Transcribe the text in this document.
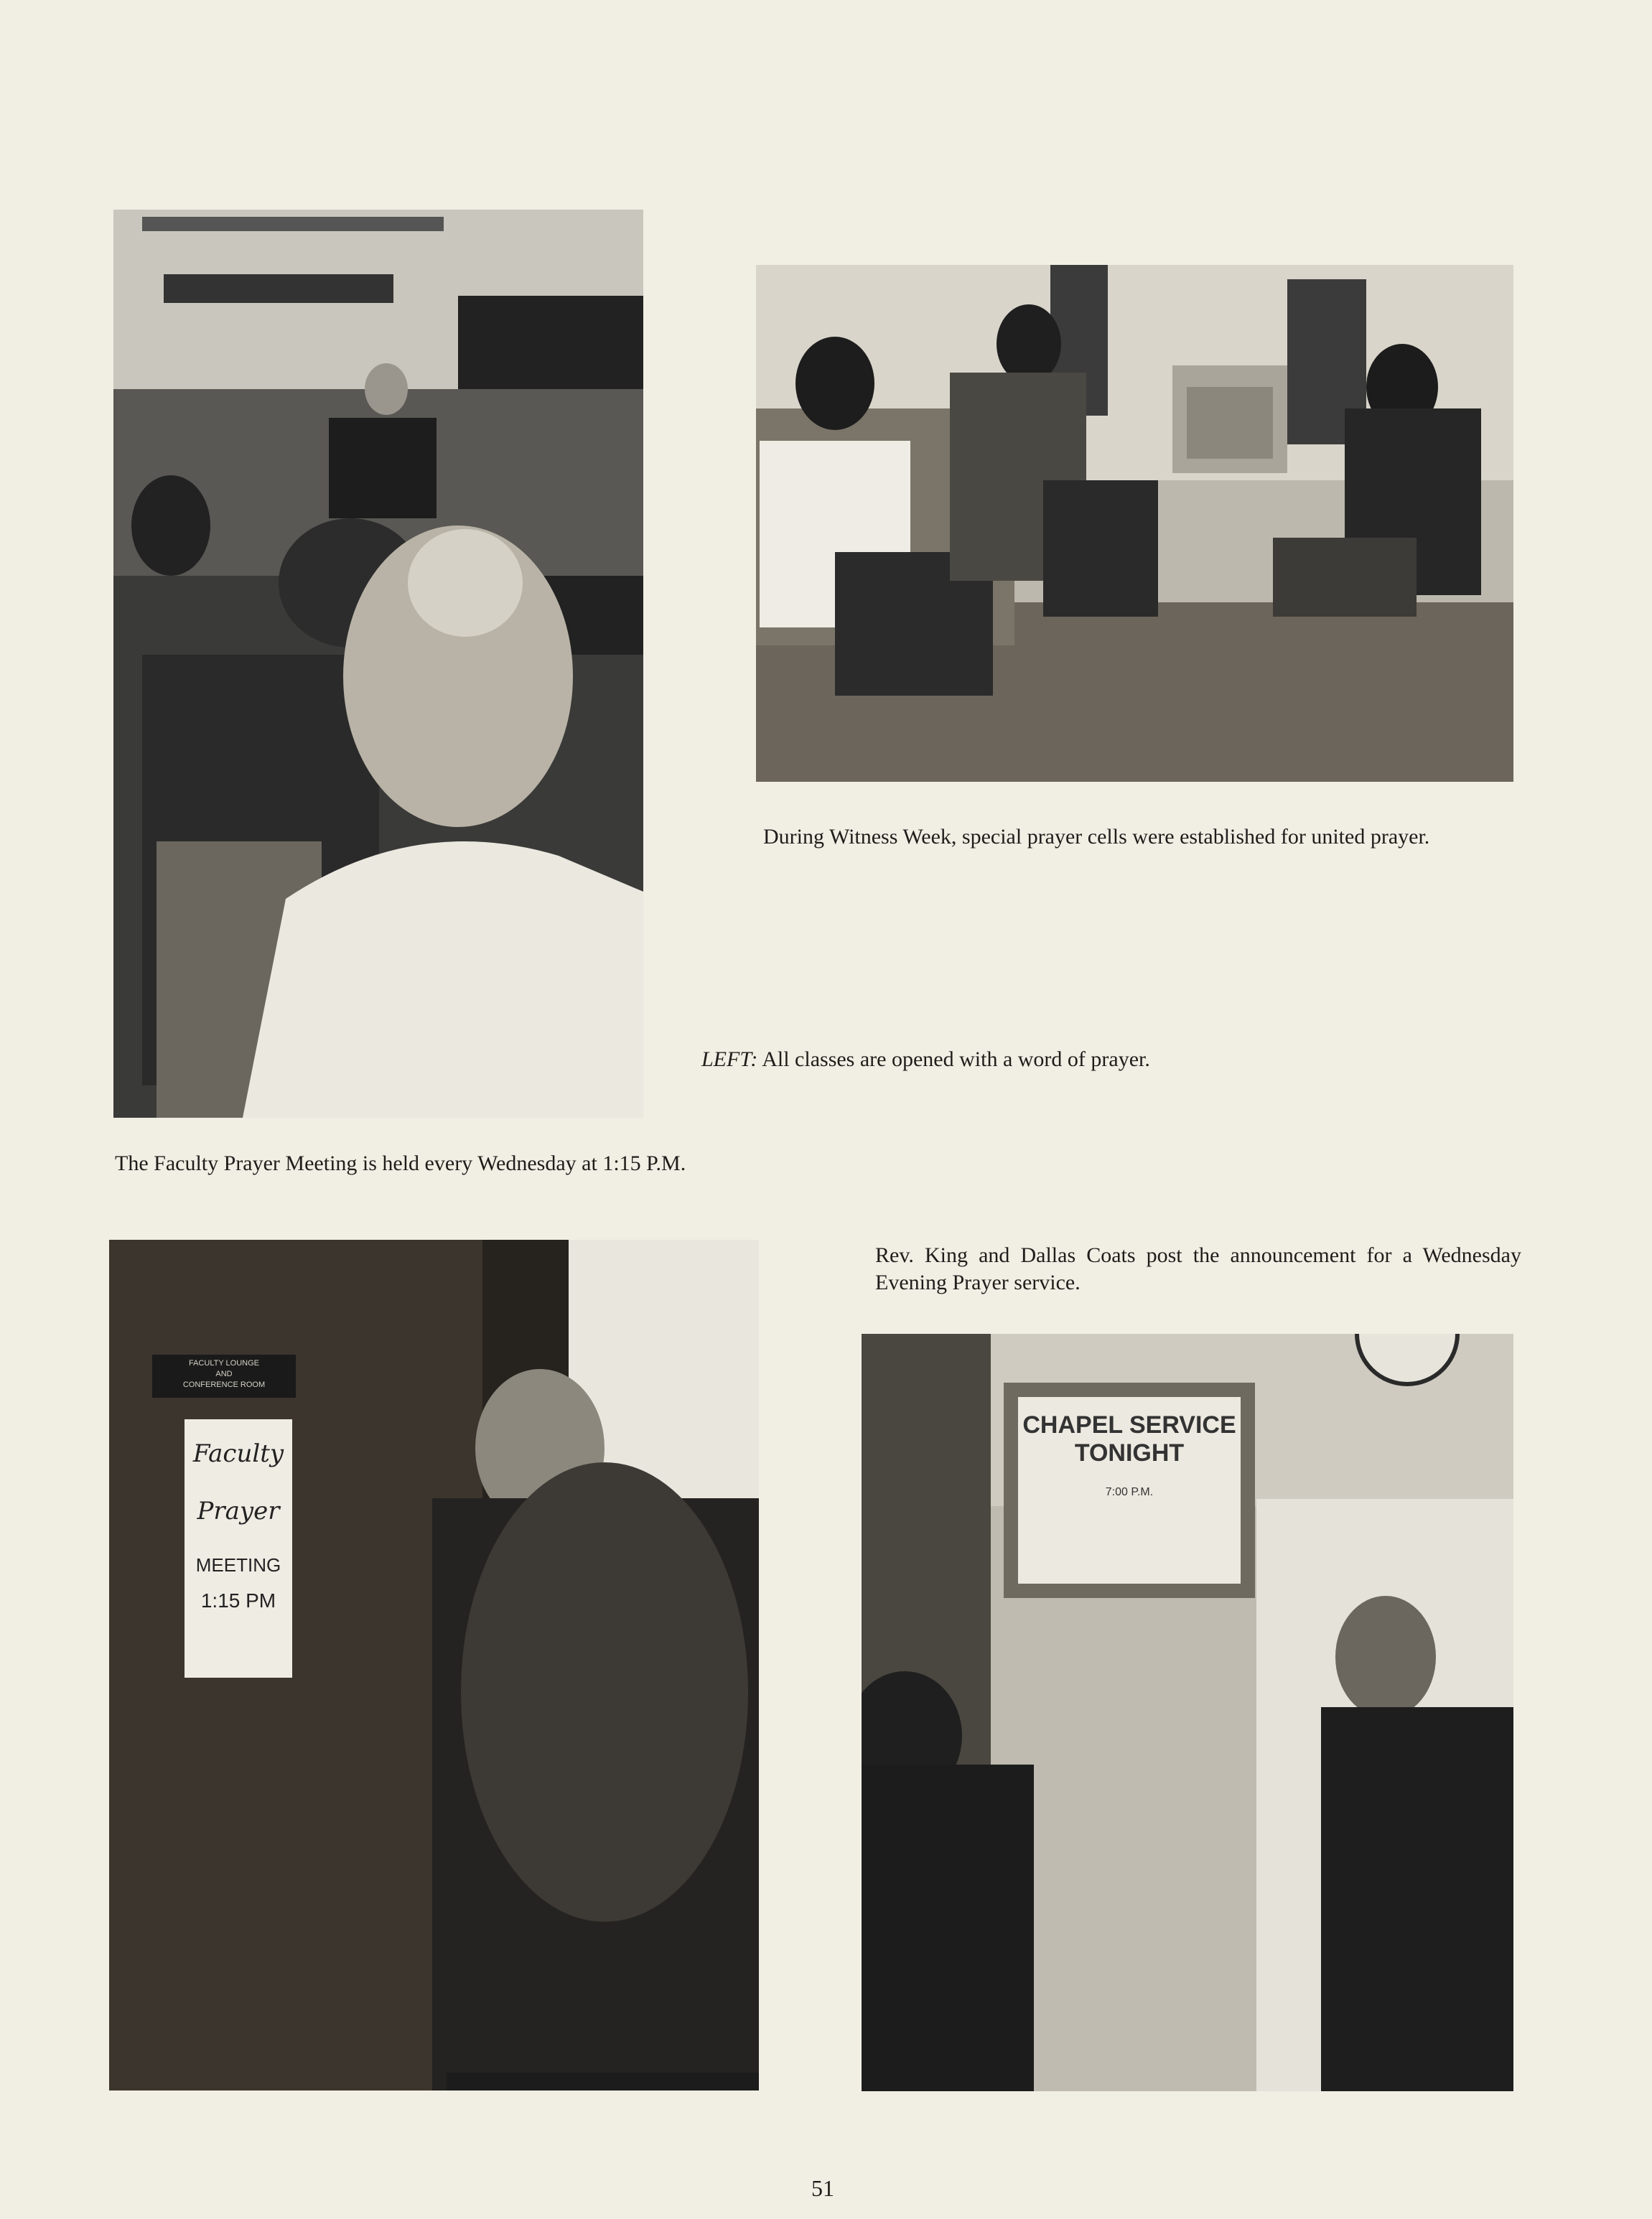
During Witness Week, special prayer cells were established for united prayer.
LEFT: All classes are opened with a word of prayer.
The Faculty Prayer Meeting is held every Wednesday at 1:15 P.M.
Rev. King and Dallas Coats post the announcement for a Wednesday Evening Prayer service.
FACULTY LOUNGE
AND
CONFERENCE ROOM
Faculty
Prayer
MEETING
1:15 PM
CHAPEL SERVICE
TONIGHT
7:00 P.M.
51
